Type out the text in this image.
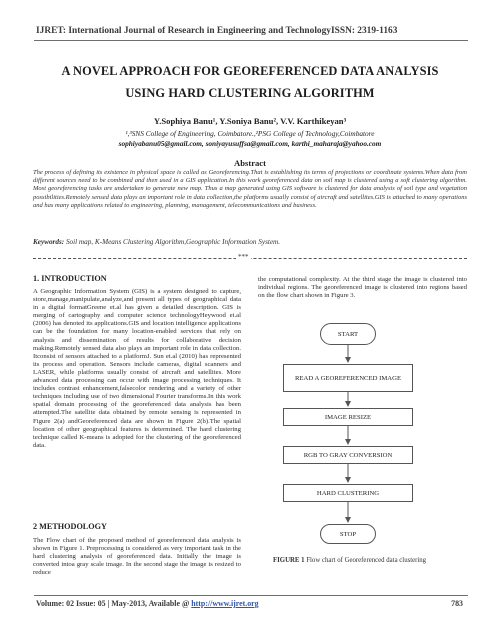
IJRET: International Journal of Research in Engineering and TechnologyISSN: 2319-1163
A NOVEL APPROACH FOR GEOREFERENCED DATA ANALYSIS
USING HARD CLUSTERING ALGORITHM
Y.Sophiya Banu¹, Y.Soniya Banu², V.V. Karthikeyan³
¹,³SNS College of Engineering, Coimbatore.,²PSG College of Technology,Coimbatore
sophiyabanu05@gmail.com, soniyayusuffsa@gmail.com, karthi_maharaja@yahoo.com
Abstract
The process of defining its existence in physical space is called as Georeferencing.That is establishing its terms of projections or coordinate systems.When data from different sources need to be combined and then used in a GIS application.In this work georeferenced data on soil map is clustered using a soft clustering algorithm. Most georeferencing tasks are undertaken to generate new map. Thus a map generated using GIS software is clustered for data analysis of soil type and vegetation possibilities.Remotely sensed data plays an important role in data collection,the platforms usually consist of aircraft and satellites.GIS is attached to many operations and has many applications related to engineering, planning, management, telecommunications and business.
Keywords: Soil map, K-Means Clustering Algorithm,Geographic Information System.
***
1. INTRODUCTION
A Geographic Information System (GIS) is a system designed to capture, store,manage,manipulate,analyze,and present all types of geographical data in a digital formatGreene et.al has given a detailed description. GIS is merging of cartography and computer science technologyHeywood et.al (2006) has denoted its applications.GIS and location intelligence applications can be the foundation for many location-enabled services that rely on analysis and dissemination of results for collaborative decision making.Remotely sensed data also plays an important role in data collection. Itconsist of sensors attached to a platformJ. Sun et.al (2010) has represented its process and operation. Sensors include cameras, digital scanners and LASER, while platforms usually consist of aircraft and satellites. More advanced data processing can occur with image processing techniques. It includes contrast enhancement,falsecolor rendering and a variety of other techniques including use of two dimensional Fourier transforms.In this work spatial domain processing of the georeferenced data analysis has been attempted.The satellite data obtained by remote sensing is represented in Figure 2(a) andGeoreferenced data are shown in Figure 2(b).The spatial location of other geographical features is determined. The hard clustering technique called K-means is adopted for the clustering of the georeferenced data.
2 METHODOLOGY
The Flow chart of the proposed method of georeferenced data analysis is shown in Figure 1. Preprocessing is considered as very important task in the hard clustering analysis of georeferenced data. Initially the image is converted intoa gray scale image. In the second stage the image is resized to reduce
the computational complexity. At the third stage the image is clustered into individual regions. The georeferenced image is clustered into regions based on the flow chart shown in Figure 3.
START
READ A GEOREFERENCED IMAGE
IMAGE RESIZE
RGB TO GRAY CONVERSION
HARD CLUSTERING
STOP
FIGURE 1 Flow chart of Georeferenced data clustering
Volume: 02 Issue: 05 | May-2013, Available @ http://www.ijret.org	783
